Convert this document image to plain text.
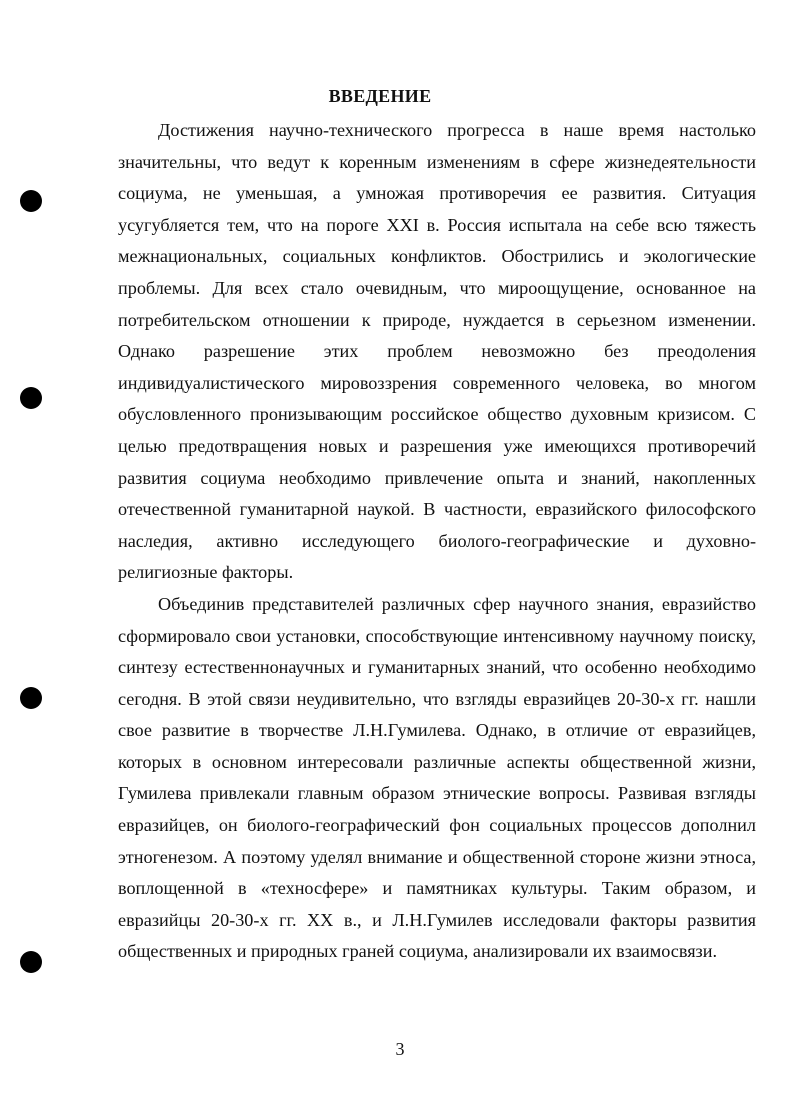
ВВЕДЕНИЕ

Достижения научно-технического прогресса в наше время настолько значительны, что ведут к коренным изменениям в сфере жизнедеятельности социума, не уменьшая, а умножая противоречия ее развития. Ситуация усугубляется тем, что на пороге XXI в. Россия испытала на себе всю тяжесть межнациональных, социальных конфликтов. Обострились и экологические проблемы. Для всех стало очевидным, что мироощущение, основанное на потребительском отношении к природе, нуждается в серьезном изменении. Однако разрешение этих проблем невозможно без преодоления индивидуалистического мировоззрения современного человека, во многом обусловленного пронизывающим российское общество духовным кризисом. С целью предотвращения новых и разрешения уже имеющихся противоречий развития социума необходимо привлечение опыта и знаний, накопленных отечественной гуманитарной наукой. В частности, евразийского философского наследия, активно исследующего биолого-географические и духовно-религиозные факторы.

Объединив представителей различных сфер научного знания, евразийство сформировало свои установки, способствующие интенсивному научному поиску, синтезу естественнонаучных и гуманитарных знаний, что особенно необходимо сегодня. В этой связи неудивительно, что взгляды евразийцев 20-30-х гг. нашли свое развитие в творчестве Л.Н.Гумилева. Однако, в отличие от евразийцев, которых в основном интересовали различные аспекты общественной жизни, Гумилева привлекали главным образом этнические вопросы. Развивая взгляды евразийцев, он биолого-географический фон социальных процессов дополнил этногенезом. А поэтому уделял внимание и общественной стороне жизни этноса, воплощенной в «техносфере» и памятниках культуры. Таким образом, и евразийцы 20-30-х гг. XX в., и Л.Н.Гумилев исследовали факторы развития общественных и природных граней социума, анализировали их взаимосвязи.

3
